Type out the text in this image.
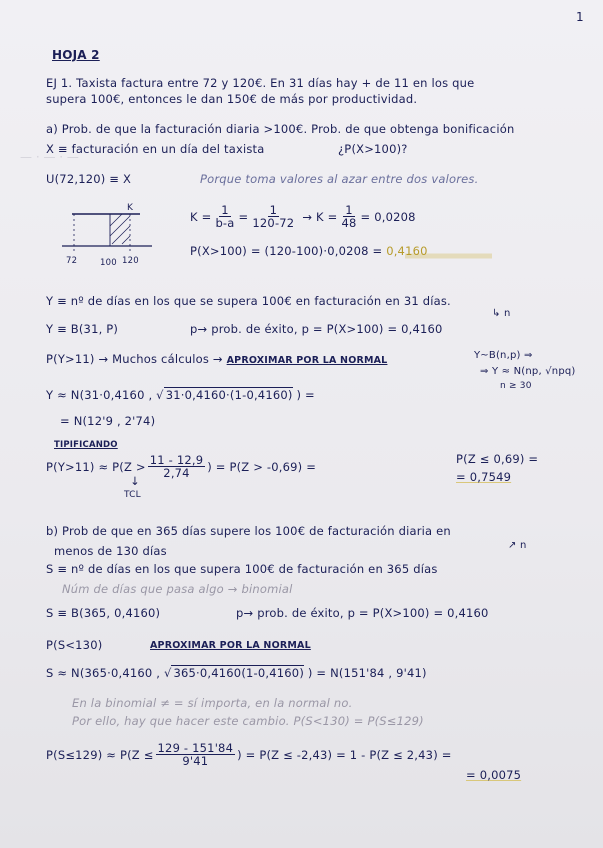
— · — · —
1
HOJA 2
EJ 1. Taxista factura entre 72 y 120€. En 31 días hay + de 11 en los que
supera 100€, entonces le dan 150€ de más por productividad.
a) Prob. de que la facturación diaria >100€. Prob. de que obtenga bonificación
X ≡ facturación en un día del taxista	¿P(X>100)?
U(72,120) ≡ X	Porque toma valores al azar entre dos valores.
K
72	100 120
$K = \frac{1}{b-a} = \frac{1}{120-72} \to K = \frac{1}{48} = 0,0208$
P(X>100) = (120-100)·0,0208 = 0,4160
Y ≡ nº de días en los que se supera 100€ en facturación en 31 días.
↳ n
Y ≡ B(31, P)	p→ prob. de éxito, p = P(X>100) = 0,4160
P(Y>11) → Muchos cálculos → APROXIMAR POR LA NORMAL	Y~B(n,p) ⇒
⇒ Y ≈ N(np, √npq)
n ≥ 30
Y ≈ N(31·0,4160 , √ 31·0,4160·(1-0,4160) ) =
= N(12'9 , 2'74)
TIPIFICANDO
$P(Y>11) \approx P(Z > \frac{11 - 12,9}{2,74}$ ) = P(Z > -0,69) =
P(Z ≤ 0,69) =
= 0,7549
↓
TCL
b) Prob de que en 365 días supere los 100€ de facturación diaria en
menos de 130 días	↗ n
S ≡ nº de días en los que supera 100€ de facturación en 365 días
Núm de días que pasa algo → binomial
S ≡ B(365, 0,4160)	p→ prob. de éxito, p = P(X>100) = 0,4160
P(S<130)	APROXIMAR POR LA NORMAL
S ≈ N(365·0,4160 , √ 365·0,4160(1-0,4160) ) = N(151'84 , 9'41)
En la binomial ≠ = sí importa, en la normal no.
Por ello, hay que hacer este cambio. P(S<130) = P(S≤129)
$P(S\le 129) \approx P(Z \le \frac{129 - 151'84}{9'41}$ ) = P(Z ≤ -2,43) = 1 - P(Z ≤ 2,43) =
= 0,0075
